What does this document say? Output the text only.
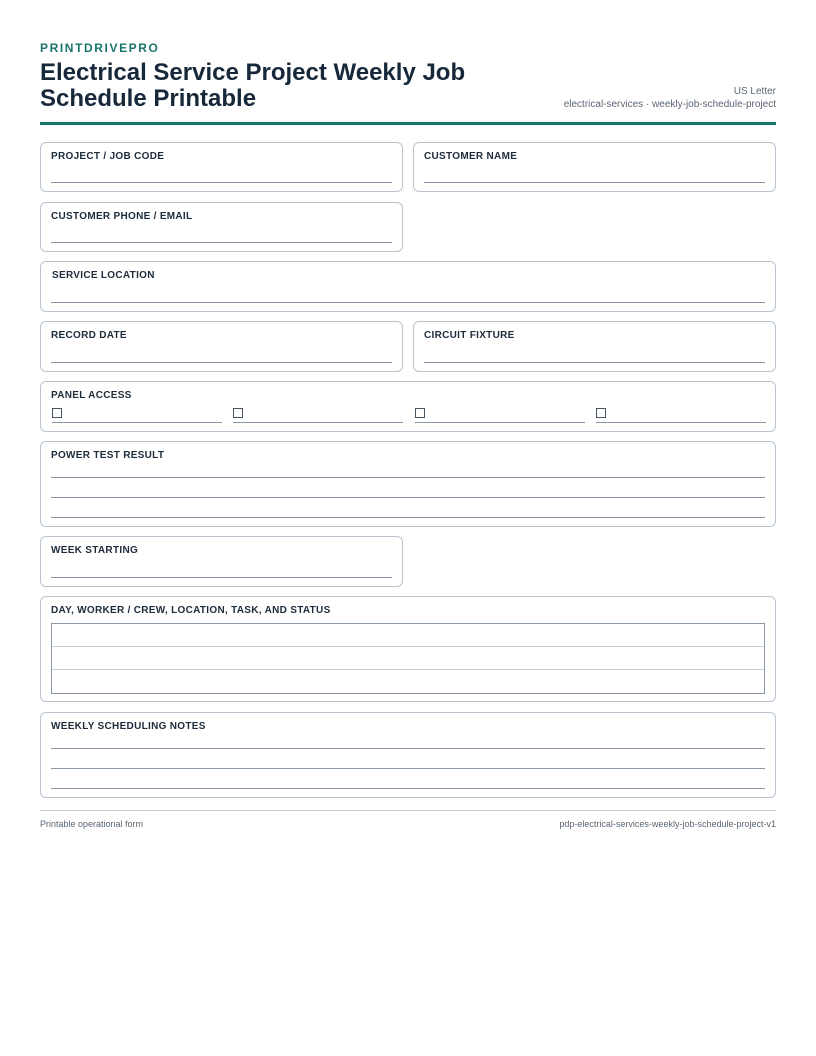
PRINTDRIVEPRO
Electrical Service Project Weekly Job Schedule Printable	US Letter
electrical-services · weekly-job-schedule-project
PROJECT / JOB CODE	CUSTOMER NAME
CUSTOMER PHONE / EMAIL
SERVICE LOCATION
RECORD DATE	CIRCUIT FIXTURE
PANEL ACCESS
POWER TEST RESULT
WEEK STARTING
DAY, WORKER / CREW, LOCATION, TASK, AND STATUS
WEEKLY SCHEDULING NOTES
Printable operational form	pdp-electrical-services-weekly-job-schedule-project-v1
